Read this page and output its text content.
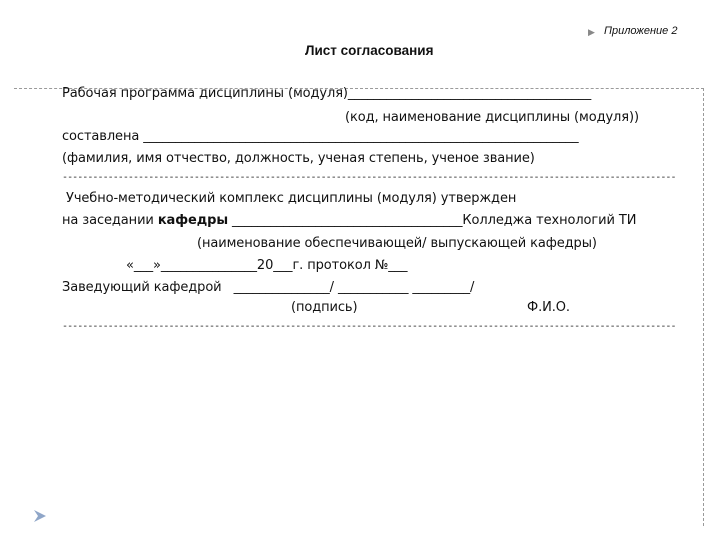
▶ Приложение 2
Лист согласования
Рабочая программа дисциплины (модуля)______________________________________
(код, наименование дисциплины (модуля))
составлена ____________________________________________________________________
(фамилия, имя отчество, должность, ученая степень, ученое звание)
-------------------------------------------------------------------------------------------------------------------------
Учебно-методический комплекс дисциплины (модуля) утвержден
на заседании кафедры ____________________________________Колледжа технологий ТИ
(наименование обеспечивающей/ выпускающей кафедры)
«___»_______________20___г. протокол №___
Заведующий кафедрой _______________/ ___________ _________/
(подпись)	Ф.И.О.
-------------------------------------------------------------------------------------------------------------------------
